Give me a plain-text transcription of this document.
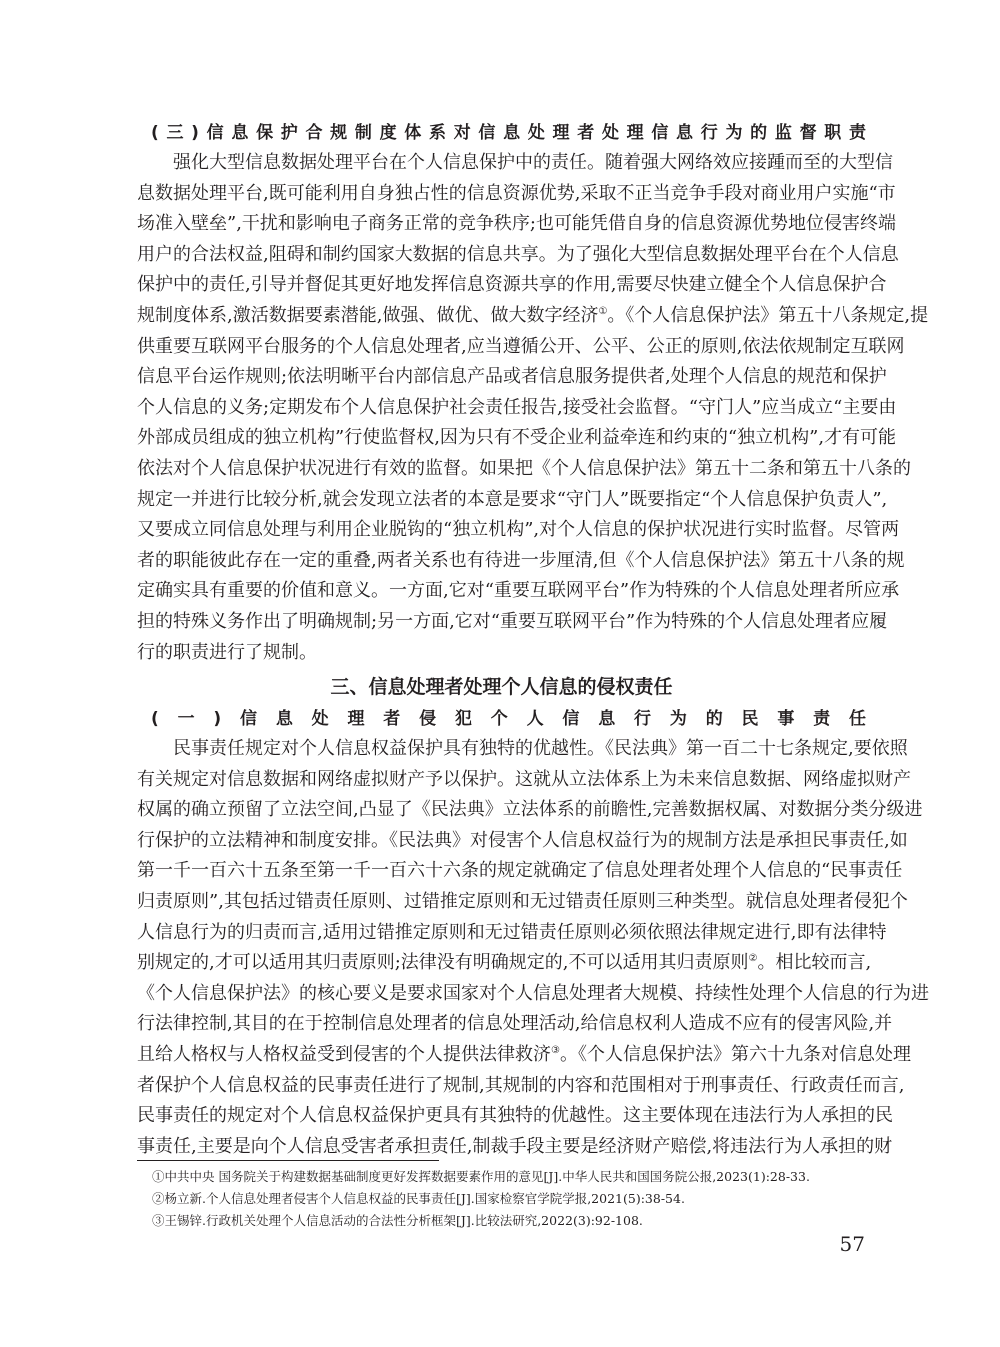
(三)信息保护合规制度体系对信息处理者处理信息行为的监督职责
强化大型信息数据处理平台在个人信息保护中的责任。随着强大网络效应接踵而至的大型信
息数据处理平台,既可能利用自身独占性的信息资源优势,采取不正当竞争手段对商业用户实施“市
场准入壁垒”,干扰和影响电子商务正常的竞争秩序;也可能凭借自身的信息资源优势地位侵害终端
用户的合法权益,阻碍和制约国家大数据的信息共享。为了强化大型信息数据处理平台在个人信息
保护中的责任,引导并督促其更好地发挥信息资源共享的作用,需要尽快建立健全个人信息保护合
规制度体系,激活数据要素潜能,做强、做优、做大数字经济①。《个人信息保护法》第五十八条规定,提
供重要互联网平台服务的个人信息处理者,应当遵循公开、公平、公正的原则,依法依规制定互联网
信息平台运作规则;依法明晰平台内部信息产品或者信息服务提供者,处理个人信息的规范和保护
个人信息的义务;定期发布个人信息保护社会责任报告,接受社会监督。“守门人”应当成立“主要由
外部成员组成的独立机构”行使监督权,因为只有不受企业利益牵连和约束的“独立机构”,才有可能
依法对个人信息保护状况进行有效的监督。如果把《个人信息保护法》第五十二条和第五十八条的
规定一并进行比较分析,就会发现立法者的本意是要求“守门人”既要指定“个人信息保护负责人”,
又要成立同信息处理与利用企业脱钩的“独立机构”,对个人信息的保护状况进行实时监督。尽管两
者的职能彼此存在一定的重叠,两者关系也有待进一步厘清,但《个人信息保护法》第五十八条的规
定确实具有重要的价值和意义。一方面,它对“重要互联网平台”作为特殊的个人信息处理者所应承
担的特殊义务作出了明确规制;另一方面,它对“重要互联网平台”作为特殊的个人信息处理者应履
行的职责进行了规制。
三、信息处理者处理个人信息的侵权责任
(一)信息处理者侵犯个人信息行为的民事责任
民事责任规定对个人信息权益保护具有独特的优越性。《民法典》第一百二十七条规定,要依照
有关规定对信息数据和网络虚拟财产予以保护。这就从立法体系上为未来信息数据、网络虚拟财产
权属的确立预留了立法空间,凸显了《民法典》立法体系的前瞻性,完善数据权属、对数据分类分级进
行保护的立法精神和制度安排。《民法典》对侵害个人信息权益行为的规制方法是承担民事责任,如
第一千一百六十五条至第一千一百六十六条的规定就确定了信息处理者处理个人信息的“民事责任
归责原则”,其包括过错责任原则、过错推定原则和无过错责任原则三种类型。就信息处理者侵犯个
人信息行为的归责而言,适用过错推定原则和无过错责任原则必须依照法律规定进行,即有法律特
别规定的,才可以适用其归责原则;法律没有明确规定的,不可以适用其归责原则②。相比较而言,
《个人信息保护法》的核心要义是要求国家对个人信息处理者大规模、持续性处理个人信息的行为进
行法律控制,其目的在于控制信息处理者的信息处理活动,给信息权利人造成不应有的侵害风险,并
且给人格权与人格权益受到侵害的个人提供法律救济③。《个人信息保护法》第六十九条对信息处理
者保护个人信息权益的民事责任进行了规制,其规制的内容和范围相对于刑事责任、行政责任而言,
民事责任的规定对个人信息权益保护更具有其独特的优越性。这主要体现在违法行为人承担的民
事责任,主要是向个人信息受害者承担责任,制裁手段主要是经济财产赔偿,将违法行为人承担的财
①中共中央 国务院关于构建数据基础制度更好发挥数据要素作用的意见[J].中华人民共和国国务院公报,2023(1):28-33.
②杨立新.个人信息处理者侵害个人信息权益的民事责任[J].国家检察官学院学报,2021(5):38-54.
③王锡锌.行政机关处理个人信息活动的合法性分析框架[J].比较法研究,2022(3):92-108.
57
